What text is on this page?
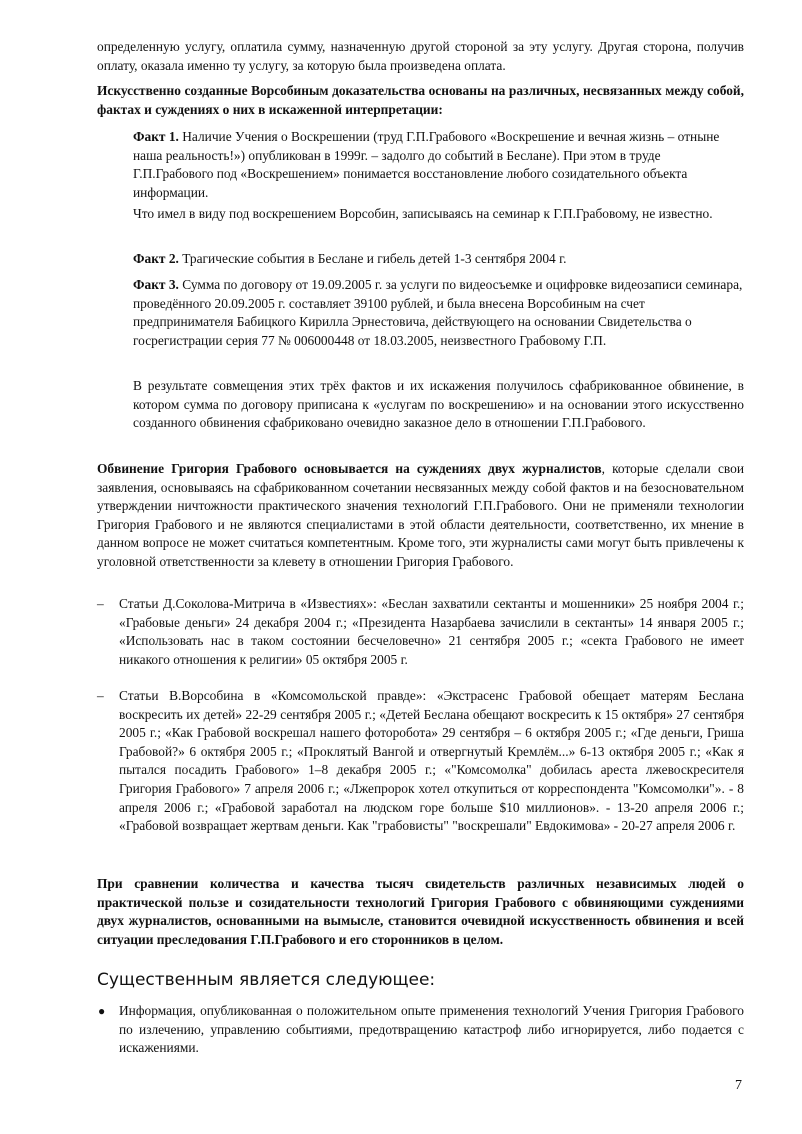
определенную услугу, оплатила сумму, назначенную другой стороной за эту услугу. Другая сторона, получив оплату, оказала именно ту услугу, за которую была произведена оплата.

Искусственно созданные Ворсобиным доказательства основаны на различных, несвязанных между собой, фактах и суждениях о них в искаженной интерпретации:

Факт 1. Наличие Учения о Воскрешении (труд Г.П.Грабового «Воскрешение и вечная жизнь – отныне наша реальность!») опубликован в 1999г. – задолго до событий в Беслане). При этом в труде Г.П.Грабового под «Воскрешением» понимается восстановление любого созидательного объекта информации.

Что имел в виду под воскрешением Ворсобин, записываясь на семинар к Г.П.Грабовому, не известно.

Факт 2. Трагические события в Беслане и гибель детей 1-3 сентября 2004 г.

Факт 3. Сумма по договору от 19.09.2005 г. за услуги по видеосъемке и оцифровке видеозаписи семинара, проведённого 20.09.2005 г. составляет 39100 рублей, и была внесена Ворсобиным на счет предпринимателя Бабицкого Кирилла Эрнестовича, действующего на основании Свидетельства о госрегистрации серия 77 № 006000448 от 18.03.2005, неизвестного Грабовому Г.П.

В результате совмещения этих трёх фактов и их искажения получилось сфабрикованное обвинение, в котором сумма по договору приписана к «услугам по воскрешению» и на основании этого искусственно созданного обвинения сфабриковано очевидно заказное дело в отношении Г.П.Грабового.

Обвинение Григория Грабового основывается на суждениях двух журналистов, которые сделали свои заявления, основываясь на сфабрикованном сочетании несвязанных между собой фактов и на безосновательном утверждении ничтожности практического значения технологий Г.П.Грабового. Они не применяли технологии Григория Грабового и не являются специалистами в этой области деятельности, соответственно, их мнение в данном вопросе не может считаться компетентным. Кроме того, эти журналисты сами могут быть привлечены к уголовной ответственности за клевету в отношении Григория Грабового.

– Статьи Д.Соколова-Митрича в «Известиях»: «Беслан захватили сектанты и мошенники» 25 ноября 2004 г.; «Грабовые деньги» 24 декабря 2004 г.; «Президента Назарбаева зачислили в сектанты» 14 января 2005 г.; «Использовать нас в таком состоянии бесчеловечно» 21 сентября 2005 г.; «секта Грабового не имеет никакого отношения к религии» 05 октября 2005 г.

– Статьи В.Ворсобина в «Комсомольской правде»: «Экстрасенс Грабовой обещает матерям Беслана воскресить их детей» 22-29 сентября 2005 г.; «Детей Беслана обещают воскресить к 15 октября» 27 сентября 2005 г.; «Как Грабовой воскрешал нашего фоторобота» 29 сентября – 6 октября 2005 г.; «Где деньги, Гриша Грабовой?» 6 октября 2005 г.; «Проклятый Вангой и отвергнутый Кремлём...» 6-13 октября 2005 г.; «Как я пытался посадить Грабового» 1–8 декабря 2005 г.; «"Комсомолка" добилась ареста лжевоскресителя Григория Грабового» 7 апреля 2006 г.; «Лжепророк хотел откупиться от корреспондента "Комсомолки"». - 8 апреля 2006 г.; «Грабовой заработал на людском горе больше $10 миллионов». - 13-20 апреля 2006 г.; «Грабовой возвращает жертвам деньги. Как "грабовисты" "воскрешали" Евдокимова» - 20-27 апреля 2006 г.

При сравнении количества и качества тысяч свидетельств различных независимых людей о практической пользе и созидательности технологий Григория Грабового с обвиняющими суждениями двух журналистов, основанными на вымысле, становится очевидной искусственность обвинения и всей ситуации преследования Г.П.Грабового и его сторонников в целом.

Существенным является следующее:
● Информация, опубликованная о положительном опыте применения технологий Учения Григория Грабового по излечению, управлению событиями, предотвращению катастроф либо игнорируется, либо подается с искажениями.

7
